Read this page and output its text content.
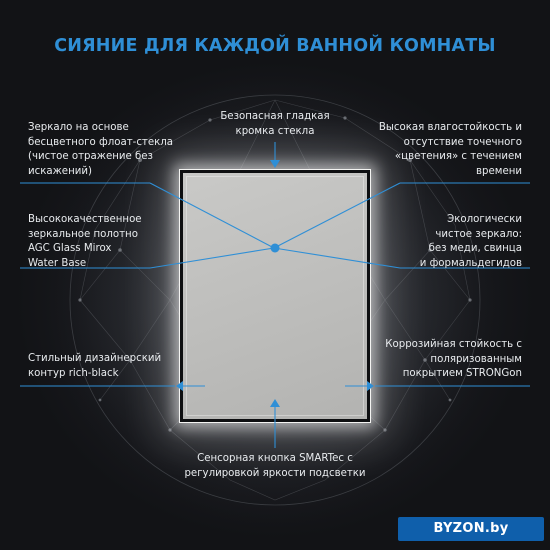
СИЯНИЕ ДЛЯ КАЖДОЙ ВАННОЙ КОМНАТЫ
Безопасная гладкая
кромка стекла
Зеркало на основе
бесцветного флоат-стекла
(чистое отражение без
искажений)
Высокая влагостойкость и
отсутствие точечного
«цветения» с течением
времени
Высококачественное
зеркальное полотно
AGC Glass Mirox
Water Base
Экологически
чистое зеркало:
без меди, свинца
и формальдегидов
Стильный дизайнерский
контур rich-black
Коррозийная стойкость с
поляризованным
покрытием STRONGon
Сенсорная кнопка SMARTec с
регулировкой яркости подсветки
BYZON.by
